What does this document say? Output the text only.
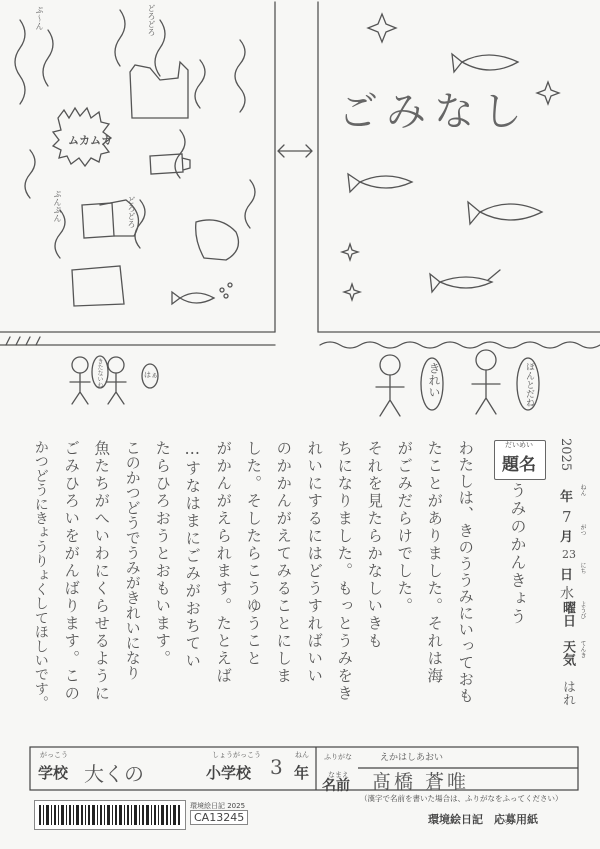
ぷ〜ん	どろどろ
ぷんぷん	どろどろ
ムカムカ
ごみなし
きたないね	はぁ	きれい	ほんとだね
2025
年 ねん
7
月 がつ
23
日 にち
水
曜日 ようび
天気 てんき
はれ
だいめい
題名
うみのかんきょう
わたしは、きのううみにいっておも
たことがありました。それは海
がごみだらけでした。
それを見たらかなしいきも
ちになりました。もっとうみをき
れいにするにはどうすればいい
のかかんがえてみることにしま
した。そしたらこうゆうこと
がかんがえられます。たとえば
…すなはまにごみがおちてい
たらひろおうとおもいます。
このかつどうでうみがきれいになり
魚たちがへいわにくらせるように
ごみひろいをがんばります。この
かつどうにきょうりょくしてほしいです。
がっこう
学校 大くの
しょうがっこう
小学校 3 ねん
年
ふりがな	えかはしあおい
なまえ
名前 髙橋 蒼唯
（漢字で名前を書いた場合は、ふりがなをふってください）
環境絵日記　応募用紙
環境絵日記 2025
CA13245
